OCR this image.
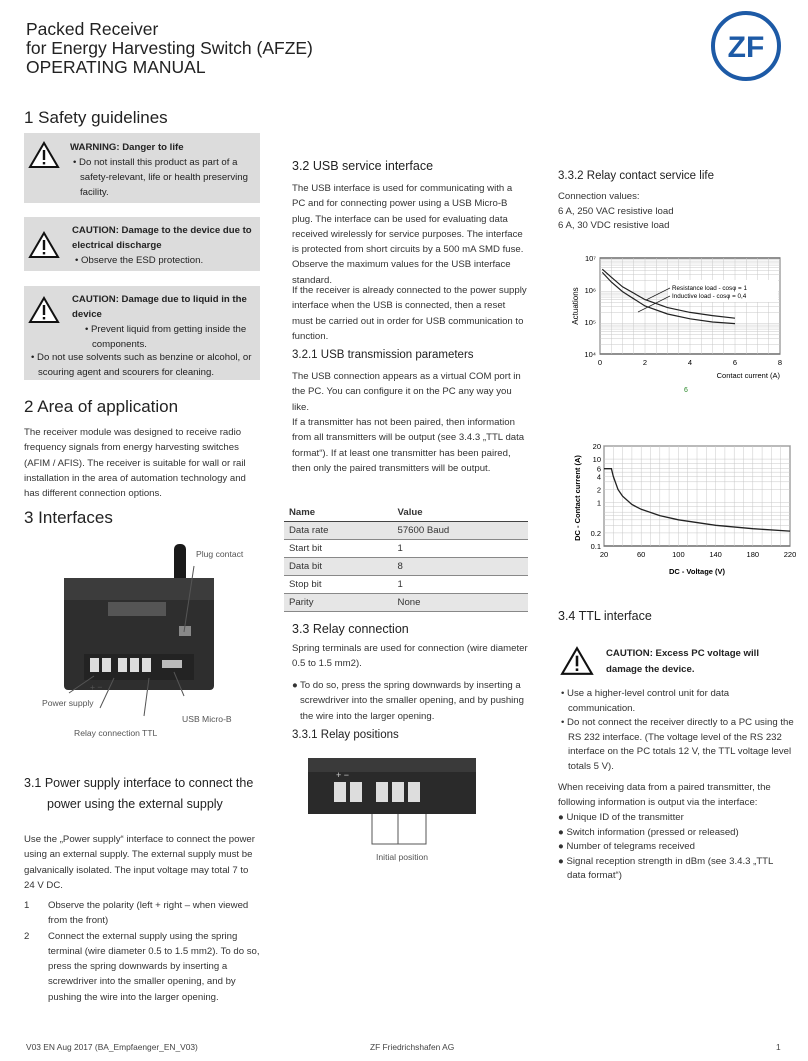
Packed Receiver
for Energy Harvesting Switch (AFZE)
OPERATING MANUAL
ZF
1 Safety guidelines
WARNING: Danger to life
• Do not install this product as part of a safety-relevant, life or health preserving facility.
CAUTION: Damage to the device due to electrical discharge
• Observe the ESD protection.
CAUTION: Damage due to liquid in the device
• Prevent liquid from getting inside the components.
• Do not use solvents such as benzine or alcohol, or scouring agent and scourers for cleaning.
2 Area of application
The receiver module was designed to receive radio frequency signals from energy harvesting switches (AFIM / AFIS). The receiver is suitable for wall or rail installation in the area of automation technology and has different connection options.
3 Interfaces
Plug contact
Power supply
+ −
Relay connection TTL
USB Micro-B
3.1 Power supply interface to connect the
power using the external supply
Use the „Power supply“ interface to connect the power using an external supply. The external supply must be galvanically isolated. The input voltage may total 7 to 24 V DC.
1 Observe the polarity (left + right – when viewed from the front)
2 Connect the external supply using the spring terminal (wire diameter 0.5 to 1.5 mm2). To do so, press the spring downwards by inserting a screwdriver into the smaller opening, and by pushing the wire into the larger opening.
3.2 USB service interface
The USB interface is used for communicating with a PC and for connecting power using a USB Micro-B plug. The interface can be used for evaluating data received wirelessly for service purposes. The interface is protected from short circuits by a 500 mA SMD fuse. Observe the maximum values for the USB interface standard.
If the receiver is already connected to the power supply interface when the USB is connected, then a reset must be carried out in order for USB communication to function.
3.2.1 USB transmission parameters
The USB connection appears as a virtual COM port in the PC. You can configure it on the PC any way you like.
If a transmitter has not been paired, then information from all transmitters will be output (see 3.4.3 „TTL data format“). If at least one transmitter has been paired, then only the paired transmitters will be output.
Name	Value
Data rate	57600 Baud
Start bit	1
Data bit	8
Stop bit	1
Parity	None
3.3 Relay connection
Spring terminals are used for connection (wire diameter 0.5 to 1.5 mm2).
● To do so, press the spring downwards by inserting a screwdriver into the smaller opening, and by pushing the wire into the larger opening.
3.3.1 Relay positions
+ −
Initial position
3.3.2 Relay contact service life
Connection values:
6 A, 250 VAC resistive load
6 A, 30 VDC resistive load
0	2	4	6	8
10⁴
10⁵
10⁶
10⁷
Resistance load - cosφ = 1
Inductive load - cosφ = 0,4
Actuations
Contact current (A)
6
20	60	100	140	180	220
20
10
6
4
2
1
0.2
0.1
DC - Contact current (A)
DC - Voltage (V)
3.4 TTL interface
CAUTION: Excess PC voltage will damage the device.
• Use a higher-level control unit for data communication.
• Do not connect the receiver directly to a PC using the RS 232 interface. (The voltage level of the RS 232 interface on the PC totals 12 V, the TTL voltage level totals 5 V).
When receiving data from a paired transmitter, the following information is output via the interface:
● Unique ID of the transmitter
● Switch information (pressed or released)
● Number of telegrams received
● Signal reception strength in dBm (see 3.4.3 „TTL data format“)
V03 EN Aug 2017 (BA_Empfaenger_EN_V03)	ZF Friedrichshafen AG	1
